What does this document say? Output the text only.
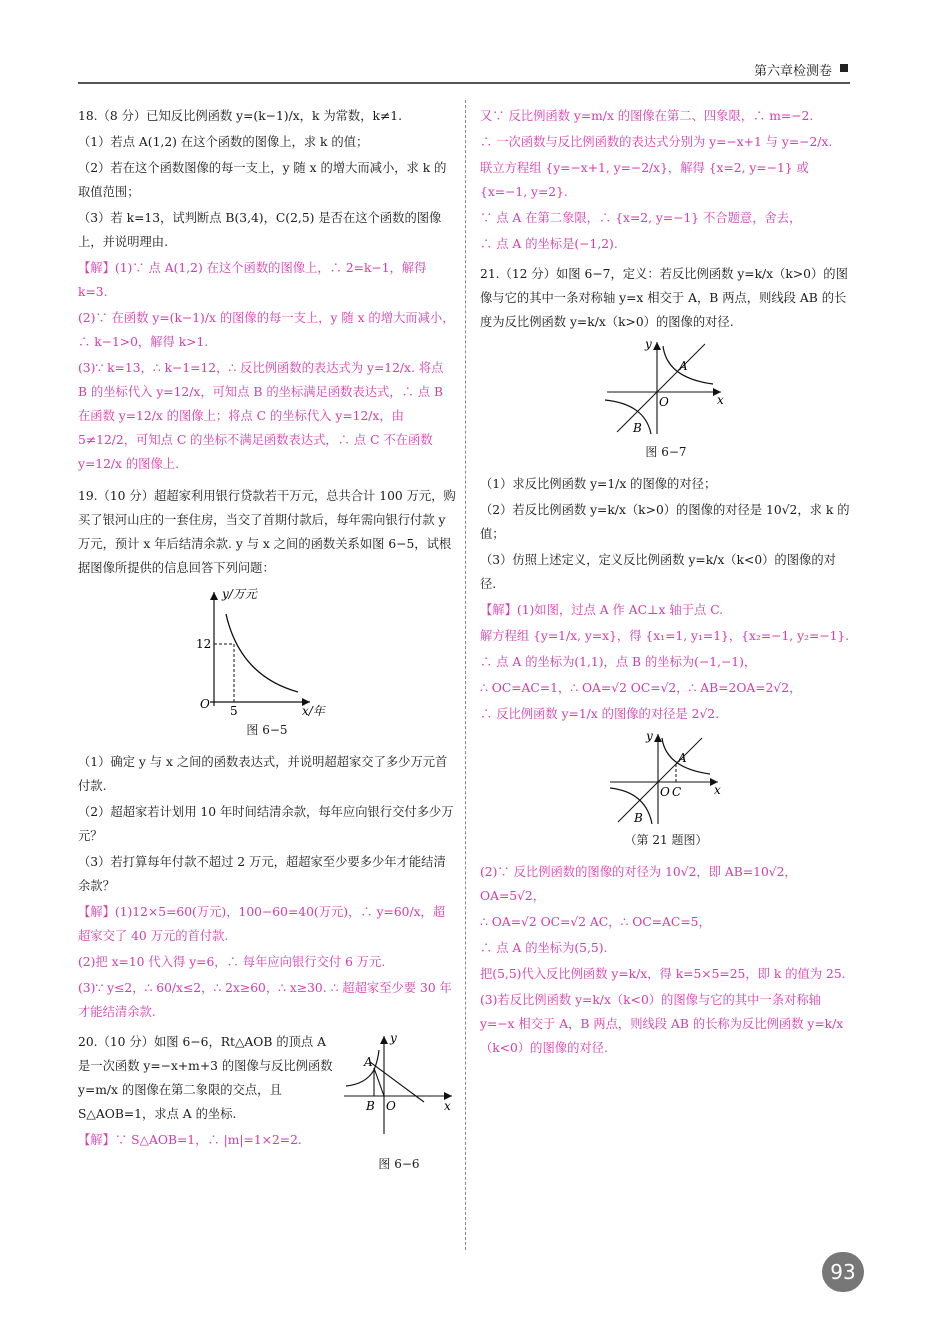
第六章检测卷

18.（8 分）已知反比例函数 y=(k−1)/x，k 为常数，k≠1.

（1）若点 A(1,2) 在这个函数的图像上，求 k 的值；

（2）若在这个函数图像的每一支上，y 随 x 的增大而减小，求 k 的取值范围；

（3）若 k=13，试判断点 B(3,4)，C(2,5) 是否在这个函数的图像上，并说明理由.

【解】(1)∵ 点 A(1,2) 在这个函数的图像上，∴ 2=k−1，解得 k=3.

(2)∵ 在函数 y=(k−1)/x 的图像的每一支上，y 随 x 的增大而减小，∴ k−1>0，解得 k>1.

(3)∵ k=13，∴ k−1=12，∴ 反比例函数的表达式为 y=12/x. 将点 B 的坐标代入 y=12/x，可知点 B 的坐标满足函数表达式，∴ 点 B 在函数 y=12/x 的图像上；将点 C 的坐标代入 y=12/x，由 5≠12/2，可知点 C 的坐标不满足函数表达式，∴ 点 C 不在函数 y=12/x 的图像上.

19.（10 分）超超家利用银行贷款若干万元，总共合计 100 万元，购买了银河山庄的一套住房，当交了首期付款后，每年需向银行付款 y 万元，预计 x 年后结清余款. y 与 x 之间的函数关系如图 6−5，试根据图像所提供的信息回答下列问题：

y/万元
12
O 5	x/年

图 6−5

（1）确定 y 与 x 之间的函数表达式，并说明超超家交了多少万元首付款.

（2）超超家若计划用 10 年时间结清余款，每年应向银行交付多少万元？

（3）若打算每年付款不超过 2 万元，超超家至少要多少年才能结清余款？

【解】(1)12×5=60(万元)，100−60=40(万元)，∴ y=60/x，超超家交了 40 万元的首付款.

(2)把 x=10 代入得 y=6，∴ 每年应向银行交付 6 万元.

(3)∵ y≤2，∴ 60/x≤2，∴ 2x≥60，∴ x≥30. ∴ 超超家至少要 30 年才能结清余款.

20.（10 分）如图 6−6，Rt△AOB 的顶点 A 是一次函数 y=−x+m+3 的图像与反比例函数 y=m/x 的图像在第二象限的交点，且 S△AOB=1，求点 A 的坐标.

【解】∵ S△AOB=1，∴ |m|=1×2=2.

A
B O
y
x

图 6−6

又∵ 反比例函数 y=m/x 的图像在第二、四象限，∴ m=−2.

∴ 一次函数与反比例函数的表达式分别为 y=−x+1 与 y=−2/x.

联立方程组 {y=−x+1, y=−2/x}，解得 {x=2, y=−1} 或 {x=−1, y=2}.

∵ 点 A 在第二象限，∴ {x=2, y=−1} 不合题意，舍去，

∴ 点 A 的坐标是(−1,2).

21.（12 分）如图 6−7，定义：若反比例函数 y=k/x（k>0）的图像与它的其中一条对称轴 y=x 相交于 A，B 两点，则线段 AB 的长度为反比例函数 y=k/x（k>0）的图像的对径.

A
B
O
y
x

图 6−7

（1）求反比例函数 y=1/x 的图像的对径；

（2）若反比例函数 y=k/x（k>0）的图像的对径是 10√2，求 k 的值；

（3）仿照上述定义，定义反比例函数 y=k/x（k<0）的图像的对径.

【解】(1)如图，过点 A 作 AC⊥x 轴于点 C.

解方程组 {y=1/x, y=x}，得 {x₁=1, y₁=1}，{x₂=−1, y₂=−1}.

∴ 点 A 的坐标为(1,1)，点 B 的坐标为(−1,−1)，

∴ OC=AC=1，∴ OA=√2 OC=√2，∴ AB=2OA=2√2，

∴ 反比例函数 y=1/x 的图像的对径是 2√2.

A
B
O C
y
x

（第 21 题图）

(2)∵ 反比例函数的图像的对径为 10√2，即 AB=10√2，OA=5√2，

∴ OA=√2 OC=√2 AC，∴ OC=AC=5，

∴ 点 A 的坐标为(5,5).

把(5,5)代入反比例函数 y=k/x，得 k=5×5=25，即 k 的值为 25.

(3)若反比例函数 y=k/x（k<0）的图像与它的其中一条对称轴 y=−x 相交于 A，B 两点，则线段 AB 的长称为反比例函数 y=k/x（k<0）的图像的对径.

93
